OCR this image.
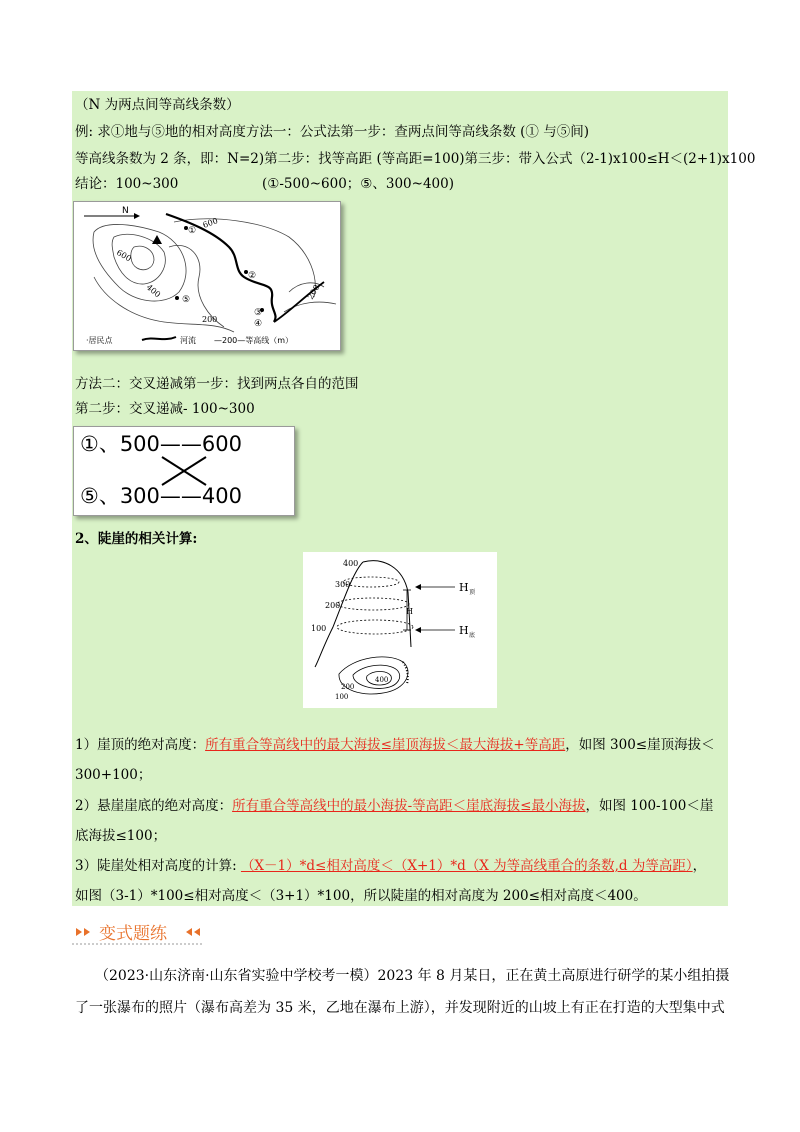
（N 为两点间等高线条数）
例: 求①地与⑤地的相对高度方法一：公式法第一步：查两点间等高线条数 (① 与⑤间)
等高线条数为 2 条，即：N=2)第二步：找等高距 (等高距=100)第三步：带入公式（2-1)x100≤H＜(2+1)x100
结论：100~300	(①-500~600；⑤、300~400)
N
①
②
③
④
⑤
600
600
400
200
200
·居民点	河流 —200—等高线（m）
方法二：交叉递减第一步：找到两点各自的范围
第二步：交叉递减- 100~300
①、500——600
⑤、300——400
2、陡崖的相关计算:
400
300
200
100
400
200
100
H
H 顶
H 底
1）崖顶的绝对高度：所有重合等高线中的最大海拔≤崖顶海拔＜最大海拔+等高距，如图 300≤崖顶海拔＜
300+100；
2）悬崖崖底的绝对高度：所有重合等高线中的最小海拔-等高距＜崖底海拔≤最小海拔，如图 100-100＜崖
底海拔≤100；
3）陡崖处相对高度的计算: （X－1）*d≤相对高度＜（X+1）*d（X 为等高线重合的条数,d 为等高距），
如图（3-1）*100≤相对高度＜（3+1）*100，所以陡崖的相对高度为 200≤相对高度＜400。
变式题练
（2023·山东济南·山东省实验中学校考一模）2023 年 8 月某日，正在黄土高原进行研学的某小组拍摄
了一张瀑布的照片（瀑布高差为 35 米，乙地在瀑布上游），并发现附近的山坡上有正在打造的大型集中式
